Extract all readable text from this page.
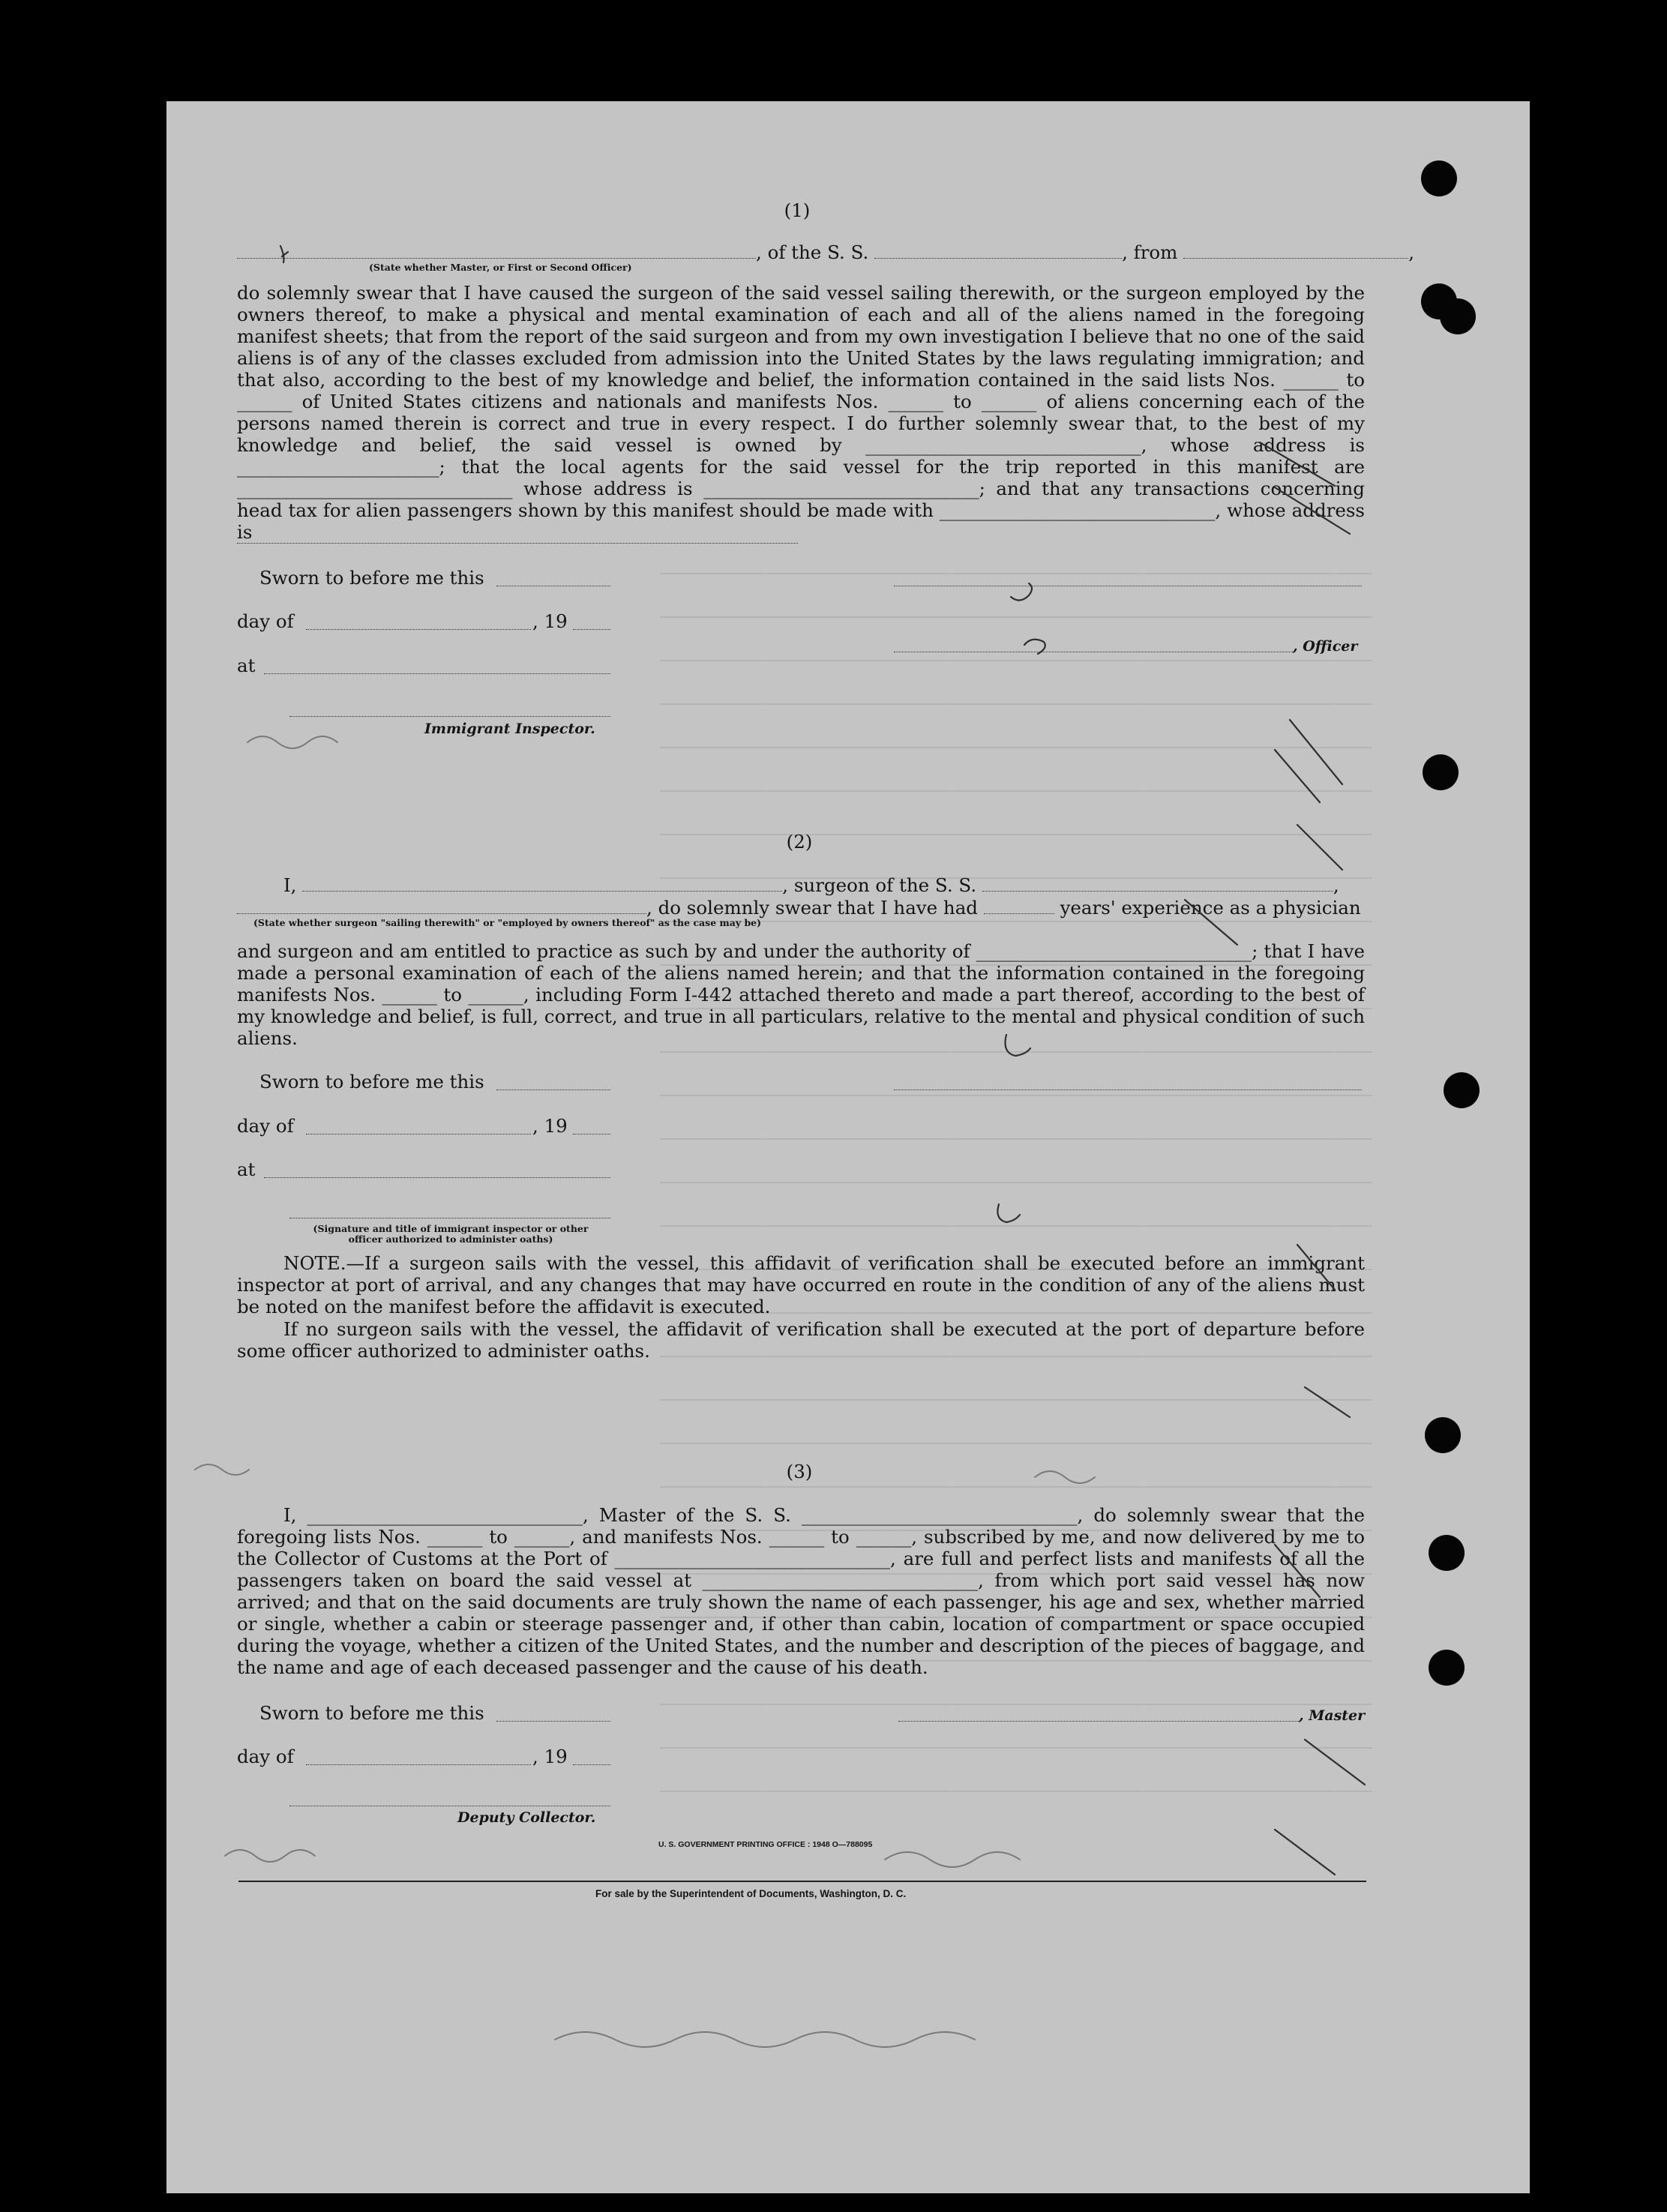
(1)
, of the S. S.	, from	,
(State whether Master, or First or Second Officer)
do solemnly swear that I have caused the surgeon of the said vessel sailing therewith, or the surgeon employed by the owners thereof, to make a physical and mental examination of each and all of the aliens named in the foregoing manifest sheets; that from the report of the said surgeon and from my own investigation I believe that no one of the said aliens is of any of the classes excluded from admission into the United States by the laws regulating immigration; and that also, according to the best of my knowledge and belief, the information contained in the said lists Nos. ______ to ______ of United States citizens and nationals and manifests Nos. ______ to ______ of aliens concerning each of the persons named therein is correct and true in every respect. I do further solemnly swear that, to the best of my knowledge and belief, the said vessel is owned by ______________________________, whose address is ______________________; that the local agents for the said vessel for the trip reported in this manifest are ______________________________ whose address is ______________________________; and that any transactions concerning head tax for alien passengers shown by this manifest should be made with ______________________________, whose address is
Sworn to before me this
day of	, 19
at
, Officer
Immigrant Inspector.
(2)
I,	, surgeon of the S. S.	,
, do solemnly swear that I have had	years' experience as a physician
(State whether surgeon "sailing therewith" or "employed by owners thereof" as the case may be)
and surgeon and am entitled to practice as such by and under the authority of ______________________________; that I have made a personal examination of each of the aliens named herein; and that the information contained in the foregoing manifests Nos. ______ to ______, including Form I-442 attached thereto and made a part thereof, according to the best of my knowledge and belief, is full, correct, and true in all particulars, relative to the mental and physical condition of such aliens.
Sworn to before me this
day of	, 19
at
(Signature and title of immigrant inspector or other officer authorized to administer oaths)
NOTE.—If a surgeon sails with the vessel, this affidavit of verification shall be executed before an immigrant inspector at port of arrival, and any changes that may have occurred en route in the condition of any of the aliens must be noted on the manifest before the affidavit is executed.
If no surgeon sails with the vessel, the affidavit of verification shall be executed at the port of departure before some officer authorized to administer oaths.
(3)
I, ______________________________, Master of the S. S. ______________________________, do solemnly swear that the foregoing lists Nos. ______ to ______, and manifests Nos. ______ to ______, subscribed by me, and now delivered by me to the Collector of Customs at the Port of ______________________________, are full and perfect lists and manifests of all the passengers taken on board the said vessel at ______________________________, from which port said vessel has now arrived; and that on the said documents are truly shown the name of each passenger, his age and sex, whether married or single, whether a cabin or steerage passenger and, if other than cabin, location of compartment or space occupied during the voyage, whether a citizen of the United States, and the number and description of the pieces of baggage, and the name and age of each deceased passenger and the cause of his death.
Sworn to before me this	, Master
day of	, 19
Deputy Collector.
U. S. GOVERNMENT PRINTING OFFICE : 1948 O—788095
For sale by the Superintendent of Documents, Washington, D. C.
